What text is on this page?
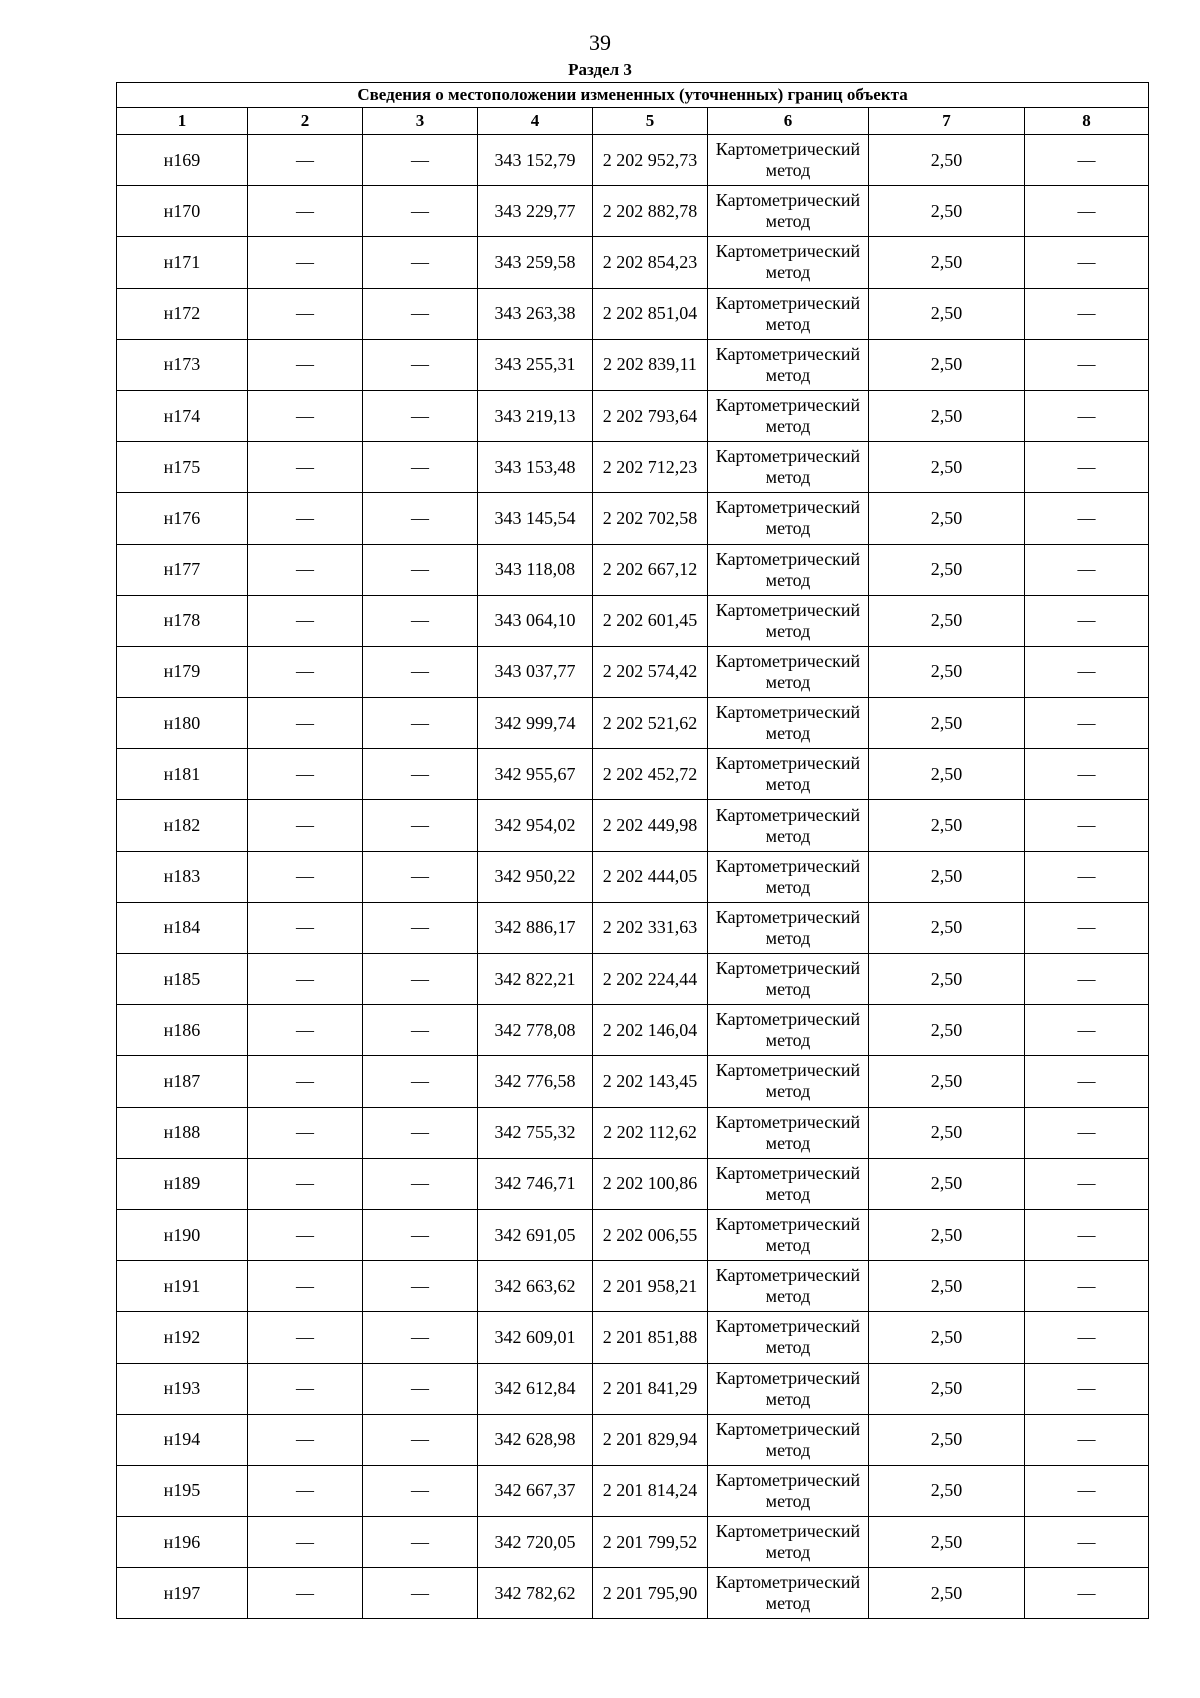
39
Раздел 3
Сведения о местоположении измененных (уточненных) границ объекта							
1	2	3	4	5	6	7	8
н169	—	—	343 152,79	2 202 952,73	Картометрический метод	2,50	—
н170	—	—	343 229,77	2 202 882,78	Картометрический метод	2,50	—
н171	—	—	343 259,58	2 202 854,23	Картометрический метод	2,50	—
н172	—	—	343 263,38	2 202 851,04	Картометрический метод	2,50	—
н173	—	—	343 255,31	2 202 839,11	Картометрический метод	2,50	—
н174	—	—	343 219,13	2 202 793,64	Картометрический метод	2,50	—
н175	—	—	343 153,48	2 202 712,23	Картометрический метод	2,50	—
н176	—	—	343 145,54	2 202 702,58	Картометрический метод	2,50	—
н177	—	—	343 118,08	2 202 667,12	Картометрический метод	2,50	—
н178	—	—	343 064,10	2 202 601,45	Картометрический метод	2,50	—
н179	—	—	343 037,77	2 202 574,42	Картометрический метод	2,50	—
н180	—	—	342 999,74	2 202 521,62	Картометрический метод	2,50	—
н181	—	—	342 955,67	2 202 452,72	Картометрический метод	2,50	—
н182	—	—	342 954,02	2 202 449,98	Картометрический метод	2,50	—
н183	—	—	342 950,22	2 202 444,05	Картометрический метод	2,50	—
н184	—	—	342 886,17	2 202 331,63	Картометрический метод	2,50	—
н185	—	—	342 822,21	2 202 224,44	Картометрический метод	2,50	—
н186	—	—	342 778,08	2 202 146,04	Картометрический метод	2,50	—
н187	—	—	342 776,58	2 202 143,45	Картометрический метод	2,50	—
н188	—	—	342 755,32	2 202 112,62	Картометрический метод	2,50	—
н189	—	—	342 746,71	2 202 100,86	Картометрический метод	2,50	—
н190	—	—	342 691,05	2 202 006,55	Картометрический метод	2,50	—
н191	—	—	342 663,62	2 201 958,21	Картометрический метод	2,50	—
н192	—	—	342 609,01	2 201 851,88	Картометрический метод	2,50	—
н193	—	—	342 612,84	2 201 841,29	Картометрический метод	2,50	—
н194	—	—	342 628,98	2 201 829,94	Картометрический метод	2,50	—
н195	—	—	342 667,37	2 201 814,24	Картометрический метод	2,50	—
н196	—	—	342 720,05	2 201 799,52	Картометрический метод	2,50	—
н197	—	—	342 782,62	2 201 795,90	Картометрический метод	2,50	—
